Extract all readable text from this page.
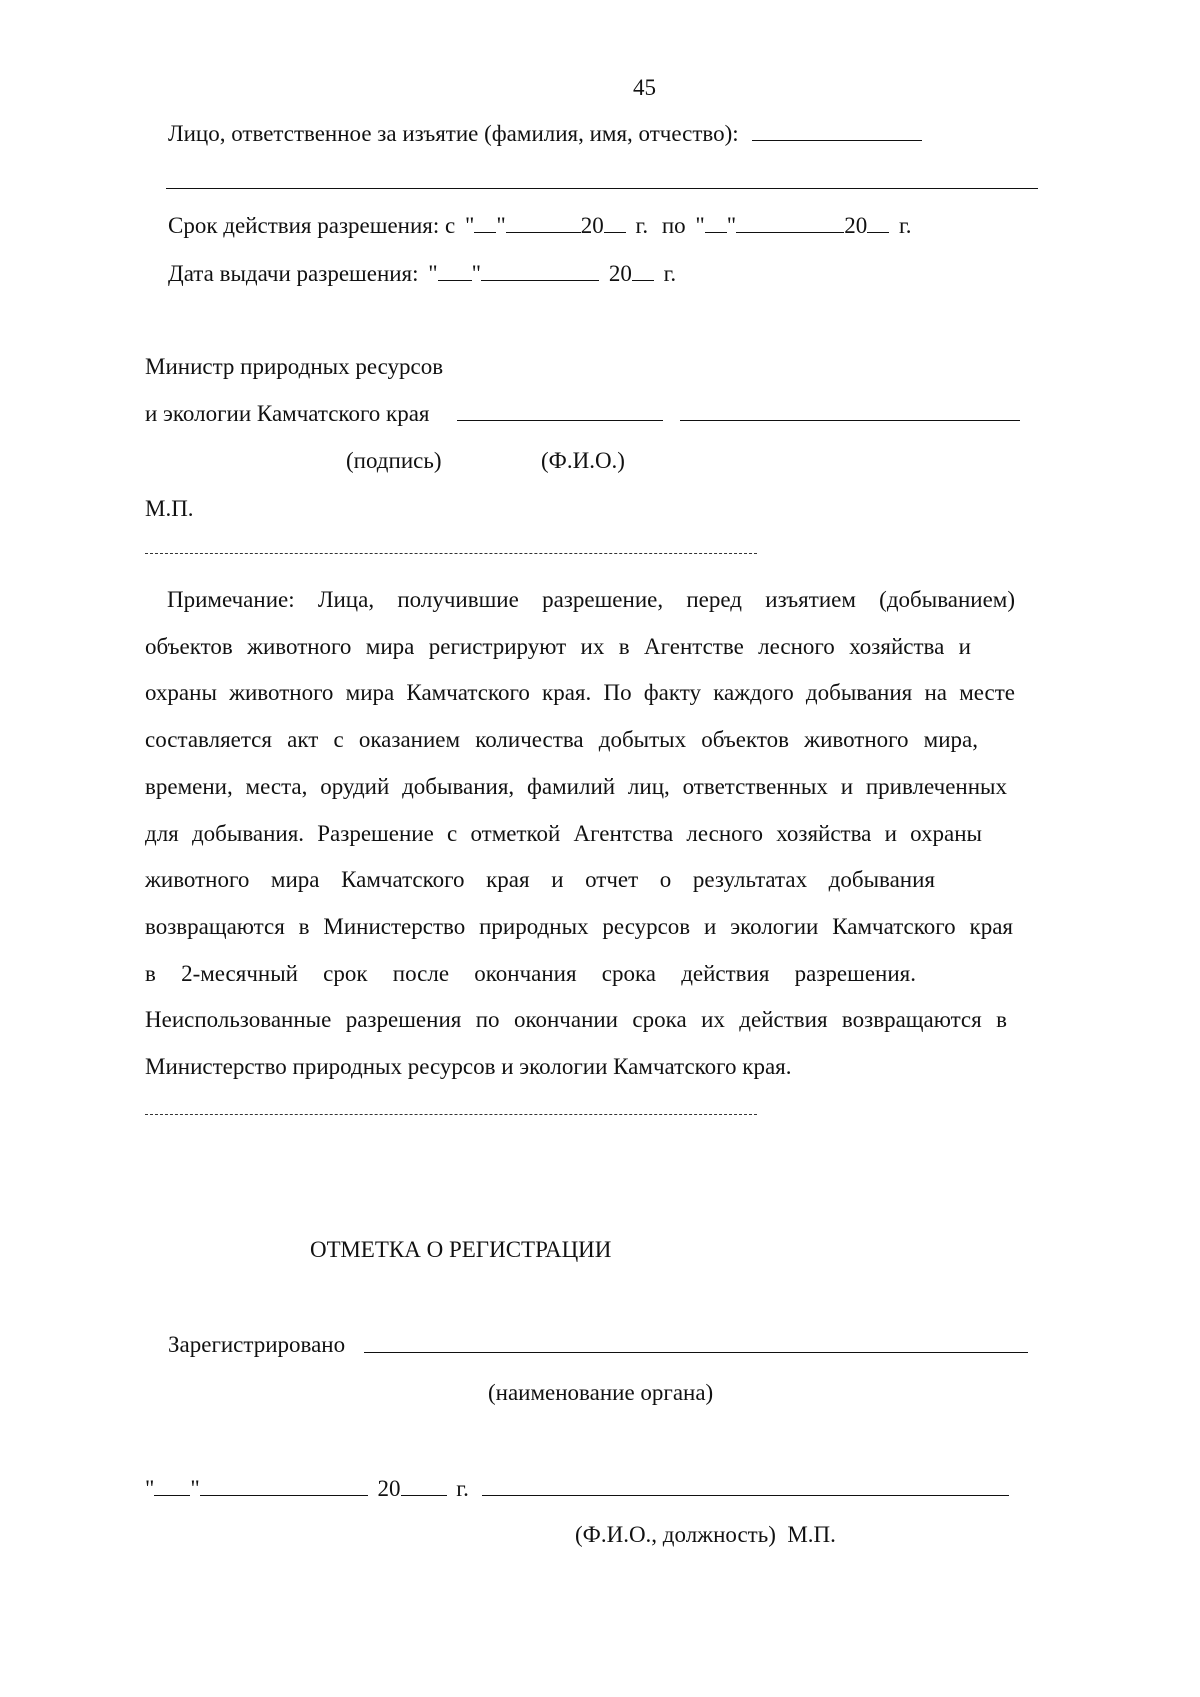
45
Лицо, ответственное за изъятие (фамилия, имя, отчество):
Срок действия разрешения: с " "	20 г. по " "	20 г.
Дата выдачи разрешения: " "	20 г.
Министр природных ресурсов
и экологии Камчатского края
(подпись)	(Ф.И.О.)
М.П.
Примечание: Лица, получившие разрешение, перед изъятием (добыванием)
объектов животного мира регистрируют их в Агентстве лесного хозяйства и
охраны животного мира Камчатского края. По факту каждого добывания на месте
составляется акт с оказанием количества добытых объектов животного мира,
времени, места, орудий добывания, фамилий лиц, ответственных и привлеченных
для добывания. Разрешение с отметкой Агентства лесного хозяйства и охраны
животного мира Камчатского края и отчет о результатах добывания
возвращаются в Министерство природных ресурсов и экологии Камчатского края
в 2-месячный срок после окончания срока действия разрешения.
Неиспользованные разрешения по окончании срока их действия возвращаются в
Министерство природных ресурсов и экологии Камчатского края.
ОТМЕТКА О РЕГИСТРАЦИИ
Зарегистрировано
(наименование органа)
" "	20 г.
(Ф.И.О., должность)  М.П.
